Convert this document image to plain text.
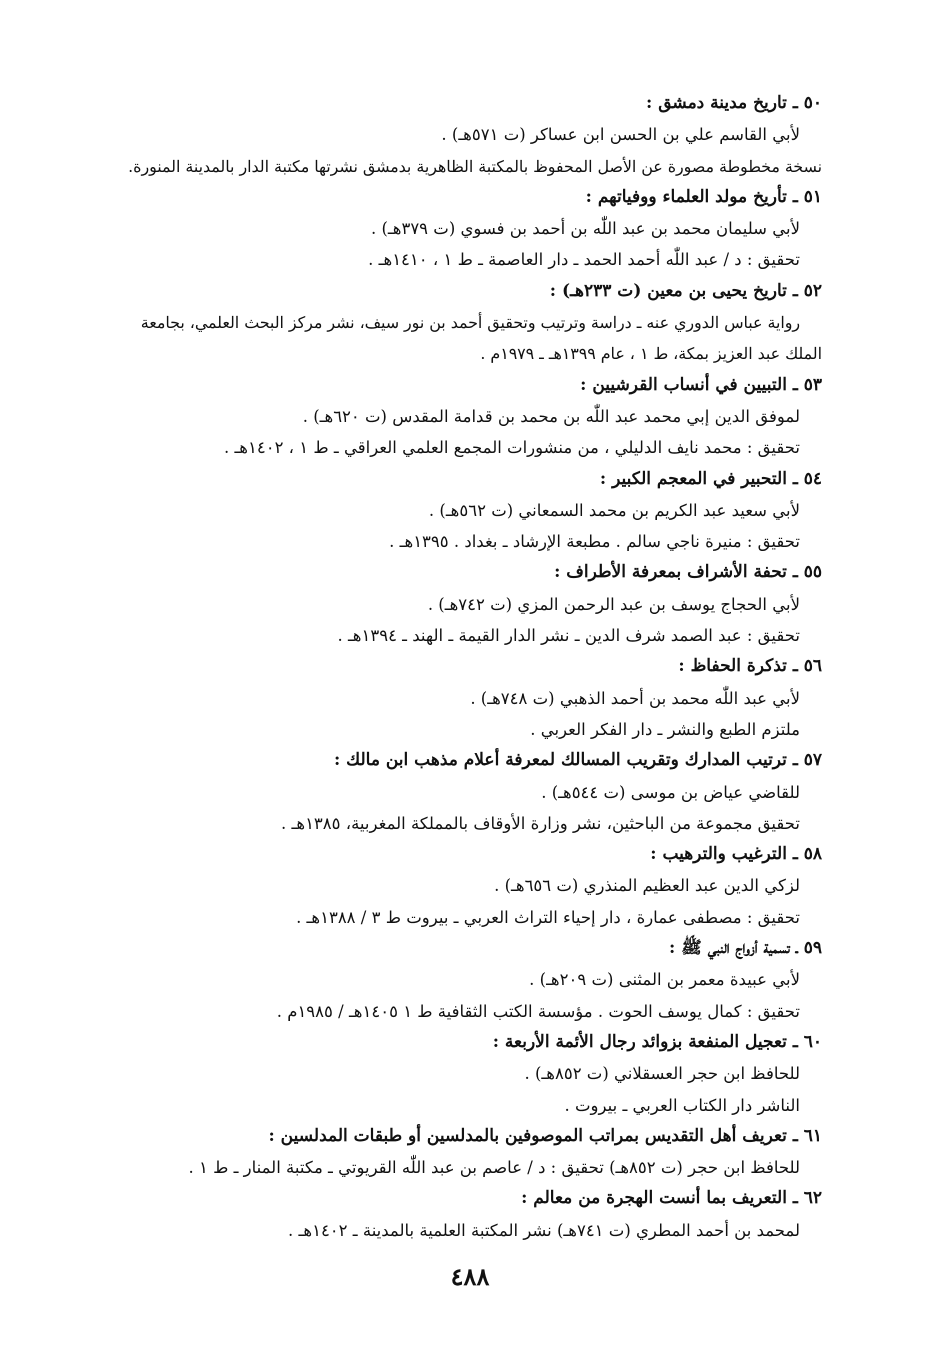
٥٠ ـ تاريخ مدينة دمشق :
لأبي القاسم علي بن الحسن ابن عساكر (ت ٥٧١هـ) .
نسخة مخطوطة مصورة عن الأصل المحفوظ بالمكتبة الظاهرية بدمشق نشرتها مكتبة الدار بالمدينة المنورة.
٥١ ـ تأريخ مولد العلماء ووفياتهم :
لأبي سليمان محمد بن عبد اللّٰه بن أحمد بن فسوي (ت ٣٧٩هـ) .
تحقيق : د / عبد اللّٰه أحمد الحمد ـ دار العاصمة ـ ط ١ ، ١٤١٠هـ .
٥٢ ـ تاريخ يحيى بن معين (ت ٢٣٣هـ) :
رواية عباس الدوري عنه ـ دراسة وترتيب وتحقيق أحمد بن نور سيف، نشر مركز البحث العلمي، بجامعة
الملك عبد العزيز بمكة، ط ١ ، عام ١٣٩٩هـ ـ ١٩٧٩م .
٥٣ ـ التبيين في أنساب القرشيين :
لموفق الدين إبي محمد عبد اللّٰه بن محمد بن قدامة المقدس (ت ٦٢٠هـ) .
تحقيق : محمد نايف الدليلي ، من منشورات المجمع العلمي العراقي ـ ط ١ ، ١٤٠٢هـ .
٥٤ ـ التحبير في المعجم الكبير :
لأبي سعيد عبد الكريم بن محمد السمعاني (ت ٥٦٢هـ) .
تحقيق : منيرة ناجي سالم . مطبعة الإرشاد ـ بغداد . ١٣٩٥هـ .
٥٥ ـ تحفة الأشراف بمعرفة الأطراف :
لأبي الحجاج يوسف بن عبد الرحمن المزي (ت ٧٤٢هـ) .
تحقيق : عبد الصمد شرف الدين ـ نشر الدار القيمة ـ الهند ـ ١٣٩٤هـ .
٥٦ ـ تذكرة الحفاظ :
لأبي عبد اللّٰه محمد بن أحمد الذهبي (ت ٧٤٨هـ) .
ملتزم الطبع والنشر ـ دار الفكر العربي .
٥٧ ـ ترتيب المدارك وتقريب المسالك لمعرفة أعلام مذهب ابن مالك :
للقاضي عياض بن موسى (ت ٥٤٤هـ) .
تحقيق مجموعة من الباحثين، نشر وزارة الأوقاف بالمملكة المغربية، ١٣٨٥هـ .
٥٨ ـ الترغيب والترهيب :
لزكي الدين عبد العظيم المنذري (ت ٦٥٦هـ) .
تحقيق : مصطفى عمارة ، دار إحياء التراث العربي ـ بيروت ط ٣ / ١٣٨٨هـ .
٥٩ ـ تسمية أزواج النبي ﷺ :
لأبي عبيدة معمر بن المثنى (ت ٢٠٩هـ) .
تحقيق : كمال يوسف الحوت . مؤسسة الكتب الثقافية ط ١ ١٤٠٥هـ / ١٩٨٥م .
٦٠ ـ تعجيل المنفعة بزوائد رجال الأئمة الأربعة :
للحافظ ابن حجر العسقلاني (ت ٨٥٢هـ) .
الناشر دار الكتاب العربي ـ بيروت .
٦١ ـ تعريف أهل التقديس بمراتب الموصوفين بالمدلسين أو طبقات المدلسين :
للحافظ ابن حجر (ت ٨٥٢هـ) تحقيق : د / عاصم بن عبد اللّٰه القريوتي ـ مكتبة المنار ـ ط ١ .
٦٢ ـ التعريف بما أنست الهجرة من معالم :
لمحمد بن أحمد المطري (ت ٧٤١هـ) نشر المكتبة العلمية بالمدينة ـ ١٤٠٢هـ .
٤٨٨
